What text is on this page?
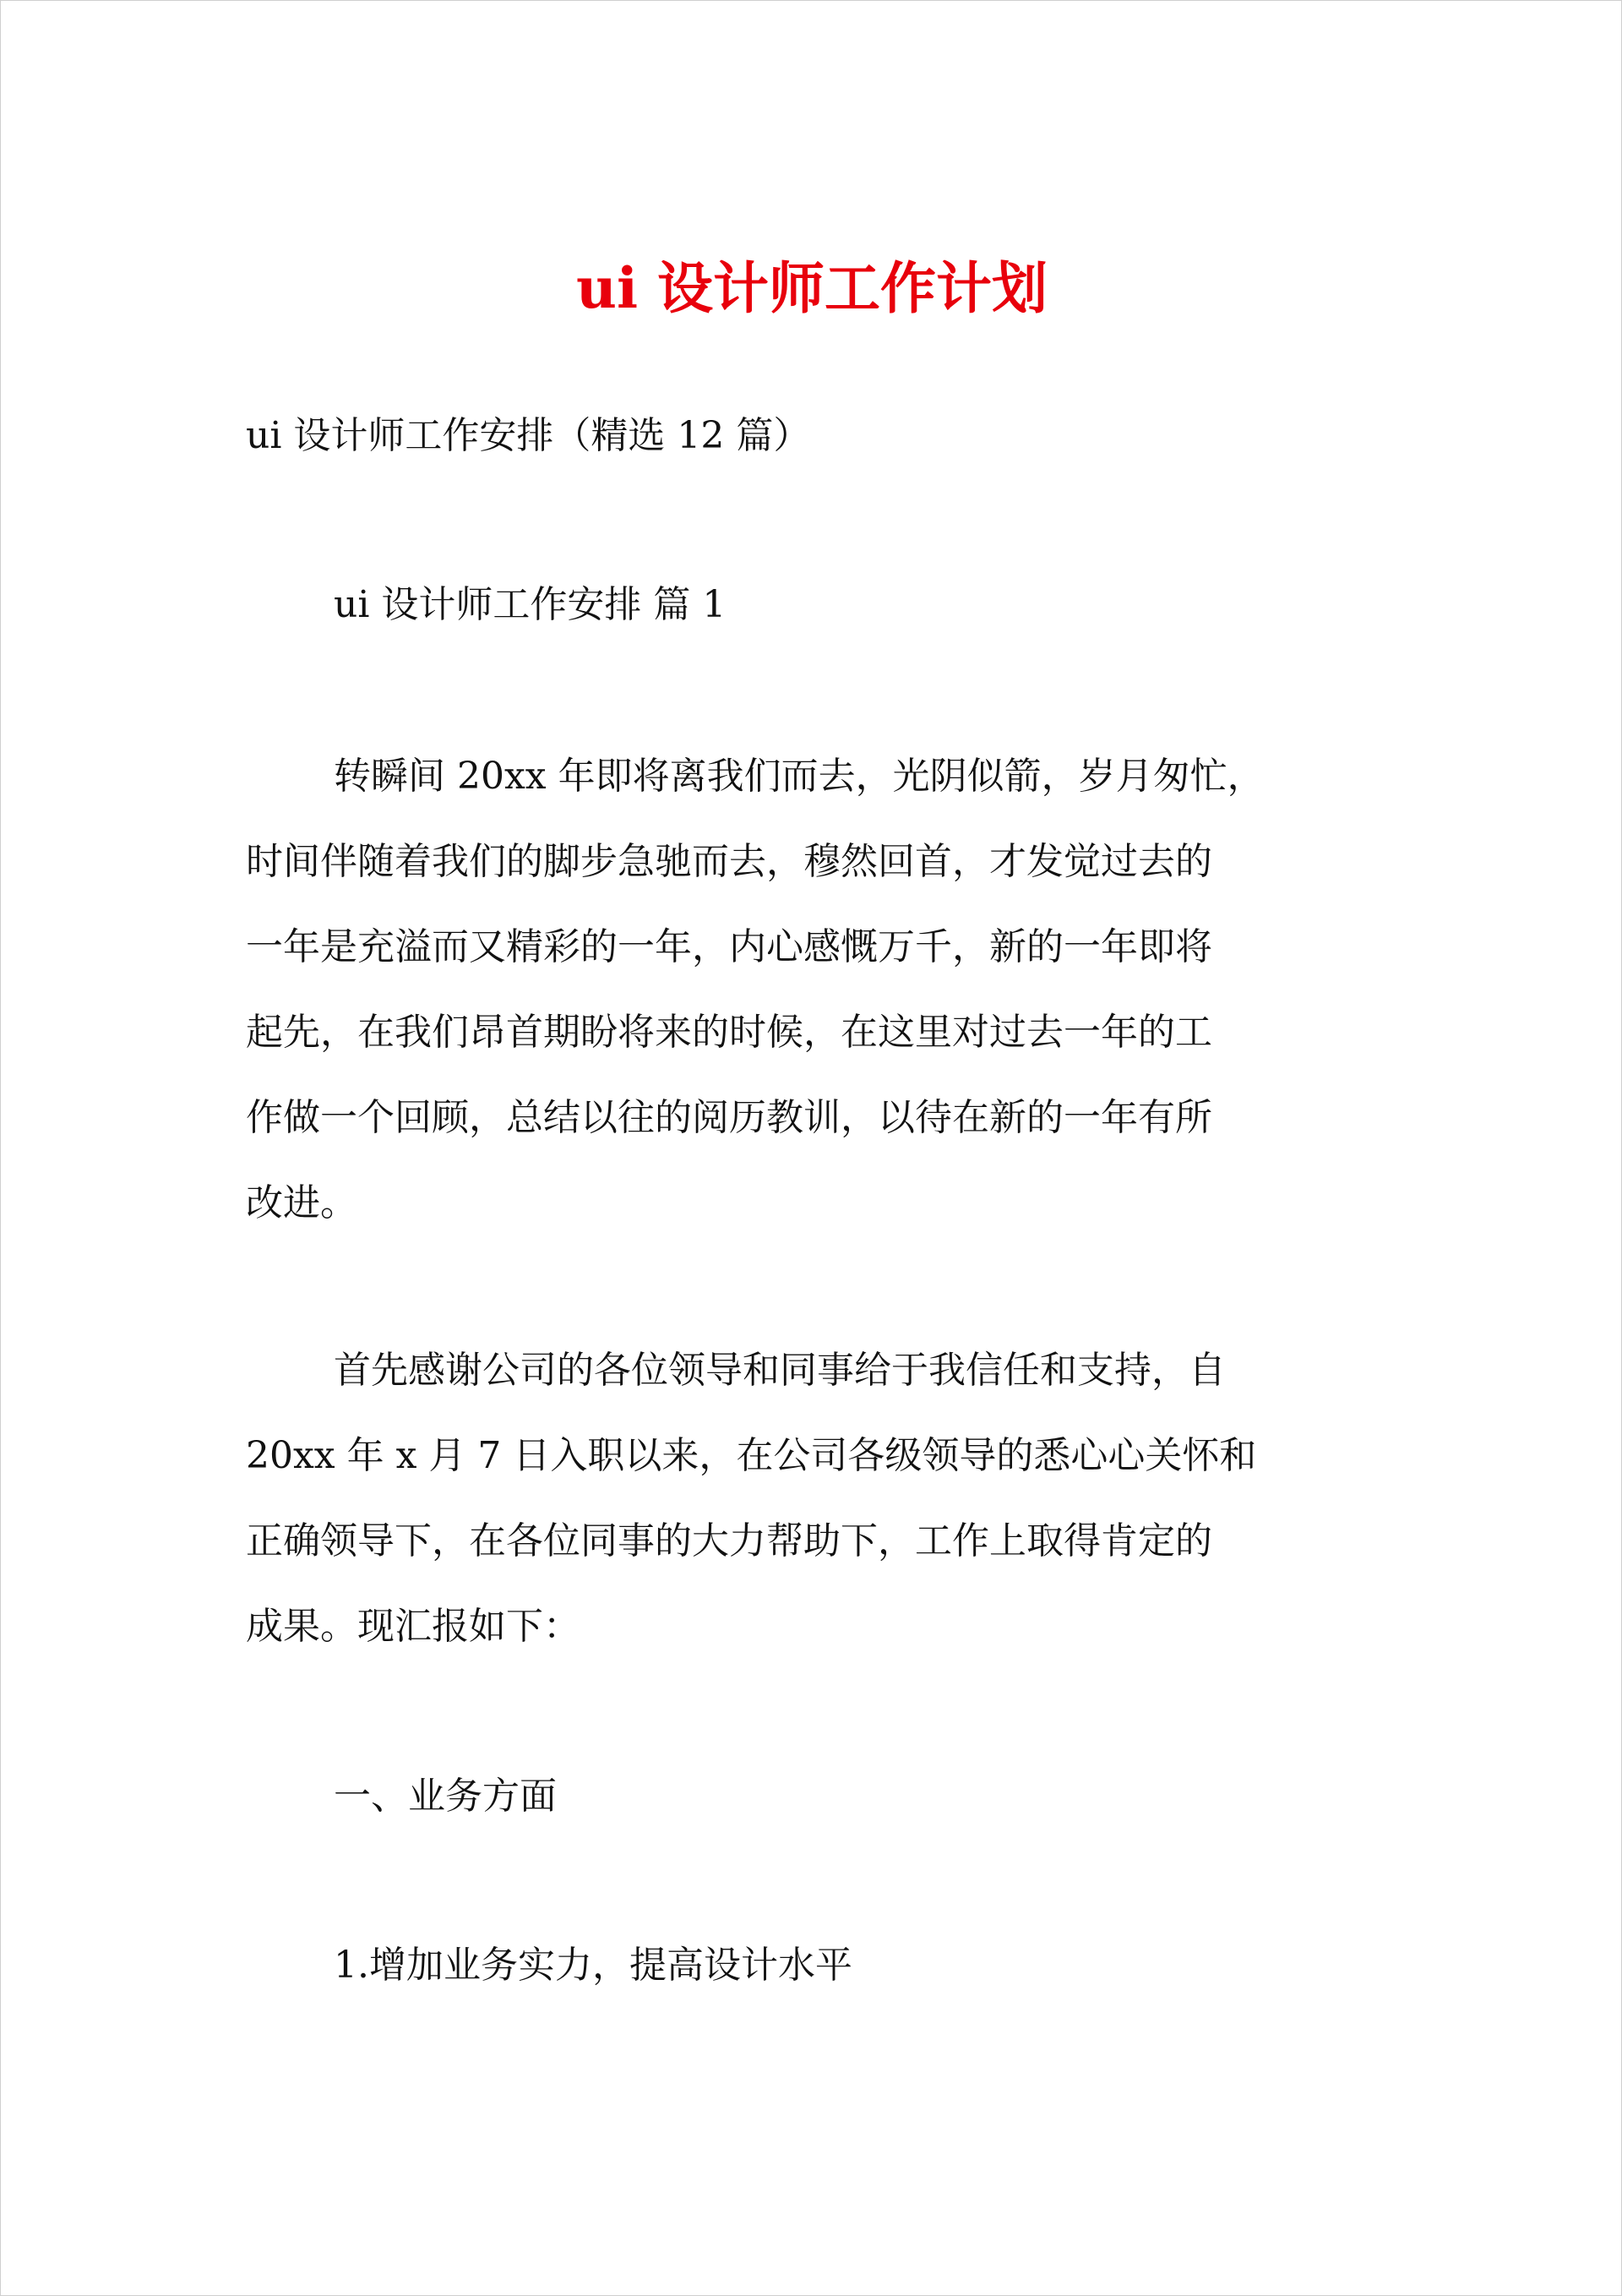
ui 设计师工作计划

ui 设计师工作安排（精选 12 篇）

ui 设计师工作安排 篇 1

转瞬间 20xx 年即将离我们而去，光阴似箭，岁月匆忙，
时间伴随着我们的脚步急驰而去，穆然回首，才发觉过去的
一年是充溢而又精彩的一年，内心感慨万千，新的一年即将
起先，在我们昂首期盼将来的时候，在这里对过去一年的工
作做一个回顾，总结以往的阅历教训，以待在新的一年有所
改进。
首先感谢公司的各位领导和同事给于我信任和支持，自
20xx 年 x 月 7 日入职以来，在公司各级领导的悉心心关怀和
正确领导下，在各位同事的大力帮助下，工作上取得肯定的
成果。现汇报如下：

一、业务方面

1.增加业务实力，提高设计水平
